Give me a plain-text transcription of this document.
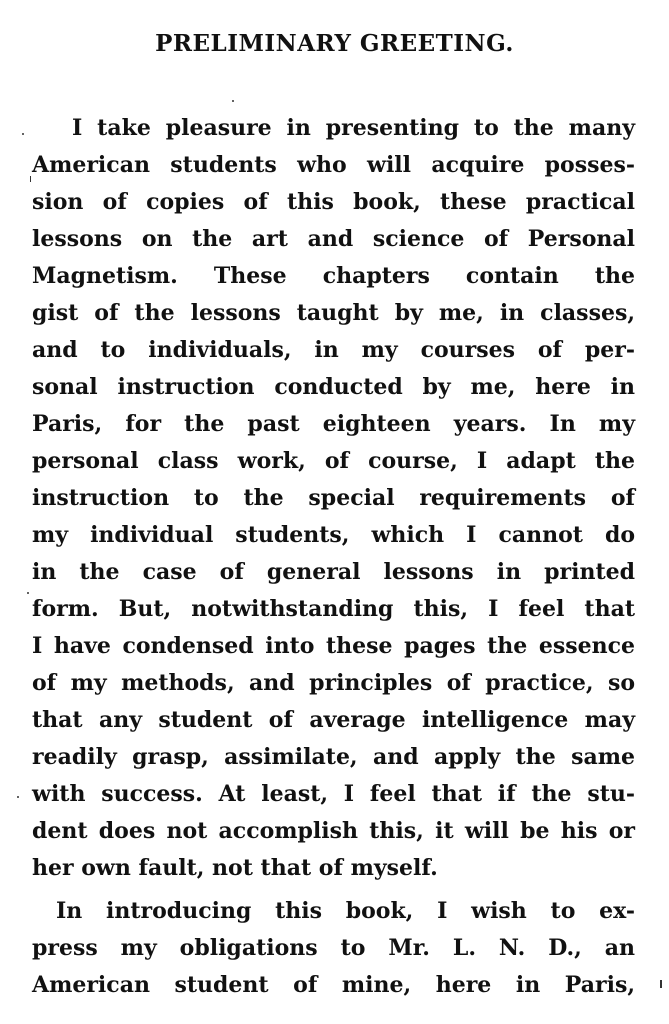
PRELIMINARY GREETING.

I take pleasure in presenting to the many

American students who will acquire posses-

sion of copies of this book, these practical

lessons on the art and science of Personal

Magnetism. These chapters contain the

gist of the lessons taught by me, in classes,

and to individuals, in my courses of per-

sonal instruction conducted by me, here in

Paris, for the past eighteen years. In my

personal class work, of course, I adapt the

instruction to the special requirements of

my individual students, which I cannot do

in the case of general lessons in printed

form. But, notwithstanding this, I feel that

I have condensed into these pages the essence

of my methods, and principles of practice, so

that any student of average intelligence may

readily grasp, assimilate, and apply the same

with success. At least, I feel that if the stu-

dent does not accomplish this, it will be his or

her own fault, not that of myself.

In introducing this book, I wish to ex-

press my obligations to Mr. L. N. D., an

American student of mine, here in Paris,
